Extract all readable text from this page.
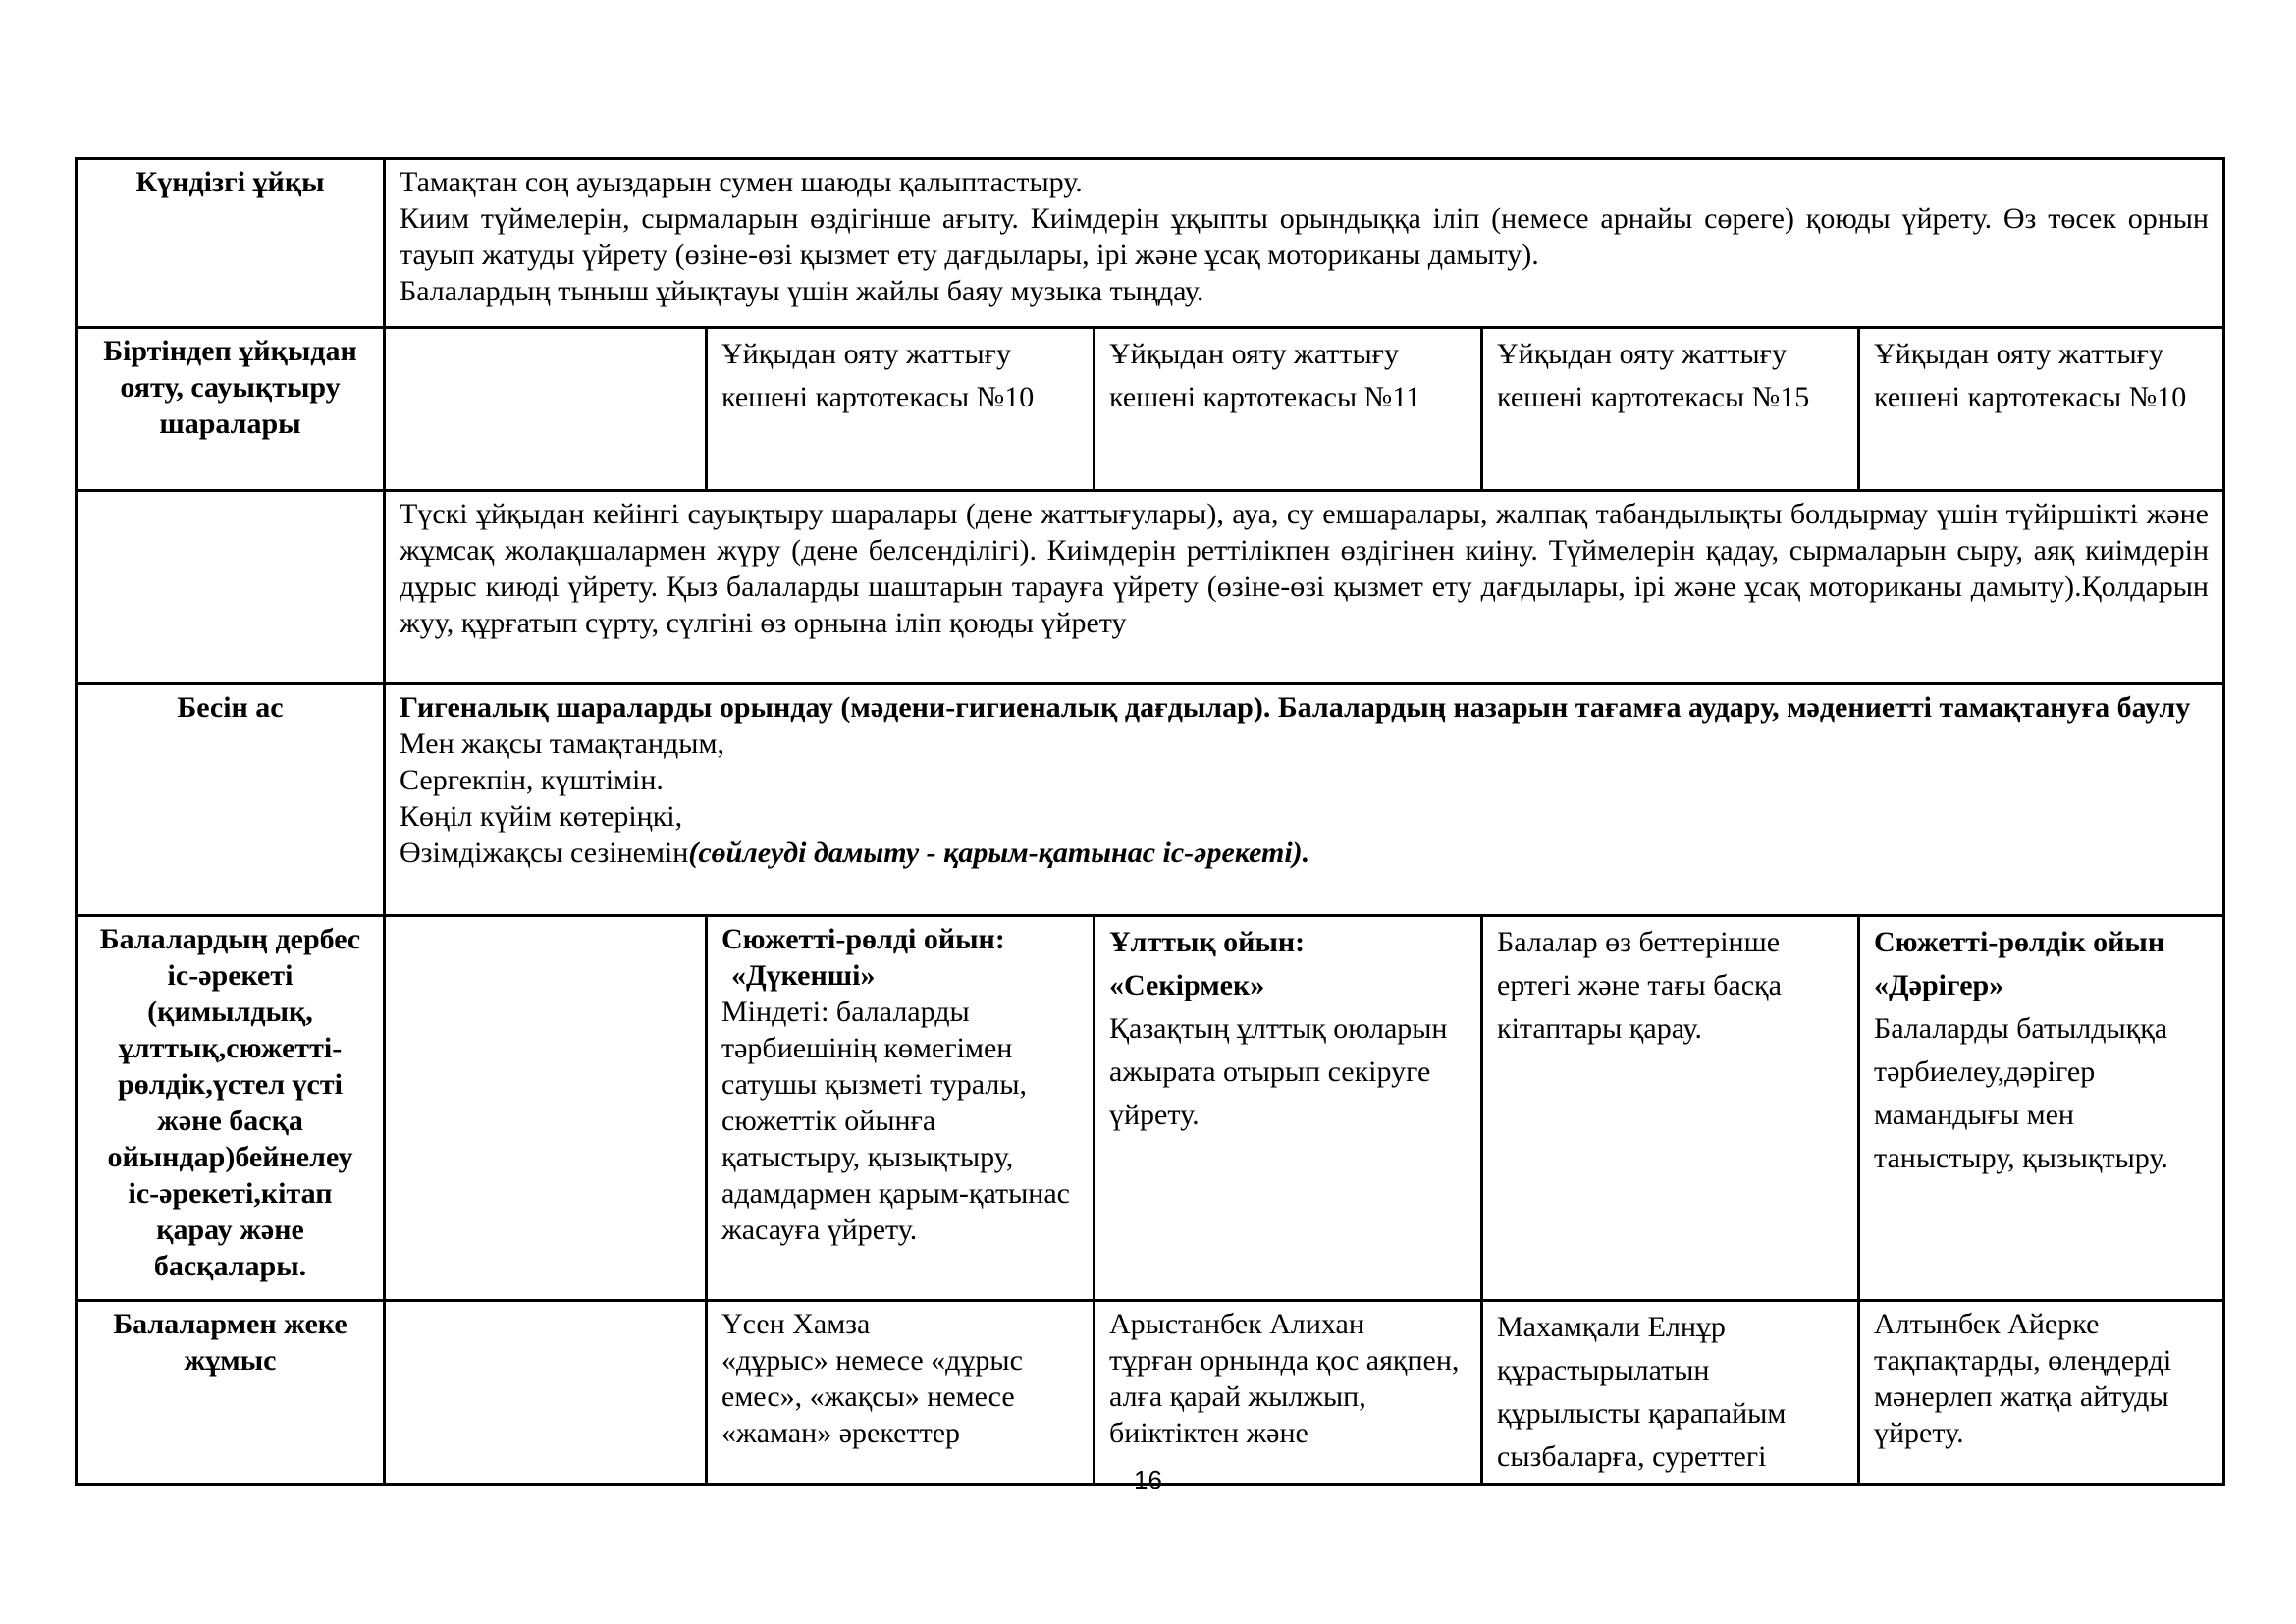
Күндізгі ұйқы	Тамақтан соң ауыздарын сумен шаюды қалыптастыру.
Киим түймелерін, сырмаларын өздігінше ағыту. Киімдерін ұқыпты орындыққа іліп (немесе арнайы сөреге) қоюды үйрету. Өз төсек орнын тауып жатуды үйрету (өзіне-өзі қызмет ету дағдылары, ірі және ұсақ моториканы дамыту).
Балалардың тыныш ұйықтауы үшін жайлы баяу музыка тыңдау.				

Біртіндеп ұйқыдан ояту, сауықтыру шаралары		Ұйқыдан ояту жаттығу кешені картотекасы №10	Ұйқыдан ояту жаттығу кешені картотекасы №11	Ұйқыдан ояту жаттығу кешені картотекасы №15	Ұйқыдан ояту жаттығу кешені картотекасы №10
	Түскі ұйқыдан кейінгі сауықтыру шаралары (дене жаттығулары), ауа, су емшаралары, жалпақ табандылықты болдырмау үшін түйіршікті және жұмсақ жолақшалармен жүру (дене белсенділігі). Киімдерін реттілікпен өздігінен киіну. Түймелерін қадау, сырмаларын сыру, аяқ киімдерін дұрыс киюді үйрету. Қыз балаларды шаштарын тарауға үйрету (өзіне-өзі қызмет ету дағдылары, ірі және ұсақ моториканы дамыту).Қолдарын жуу, құрғатып сүрту, сүлгіні өз орнына іліп қоюды үйрету				
Бесін ас	Гигеналық шараларды орындау (мәдени-гигиеналық дағдылар). Балалардың назарын тағамға аудару, мәдениетті тамақтануға баулу
Мен жақсы тамақтандым,
Сергекпін, күштімін.
Көңіл күйім көтеріңкі,
Өзімдіжақсы сезінемін(сөйлеуді дамыту - қарым-қатынас іс-әрекеті).				

Балалардың дербес іс-әрекеті (қимылдық, ұлттық,сюжетті-рөлдік,үстел үсті және басқа ойындар)бейнелеу іс-әрекеті,кітап қарау және басқалары.		Сюжетті-рөлді ойын:
«Дүкенші»
Міндеті: балаларды тәрбиешінің көмегімен сатушы қызметі туралы, сюжеттік ойынға қатыстыру, қызықтыру, адамдармен қарым-қатынас жасауға үйрету.	Ұлттық ойын:
«Секірмек»
Қазақтың ұлттық оюларын ажырата отырып секіруге үйрету.	Балалар өз беттерінше ертегі және тағы басқа кітаптары қарау.	Сюжетті-рөлдік ойын
«Дәрігер»
Балаларды батылдыққа тәрбиелеу,дәрігер мамандығы мен таныстыру, қызықтыру.

Балалармен жеке жұмыс		Үсен Хамза
«дұрыс» немесе «дұрыс емес», «жақсы» немесе «жаман» әрекеттер	Арыстанбек Алихан
тұрған орнында қос аяқпен, алға қарай жылжып, биіктіктен және	Махамқали Елнұр
құрастырылатын құрылысты қарапайым сызбаларға, суреттегі	Алтынбек Айерке
тақпақтарды, өлеңдерді мәнерлеп жатқа айтуды үйрету.
16
